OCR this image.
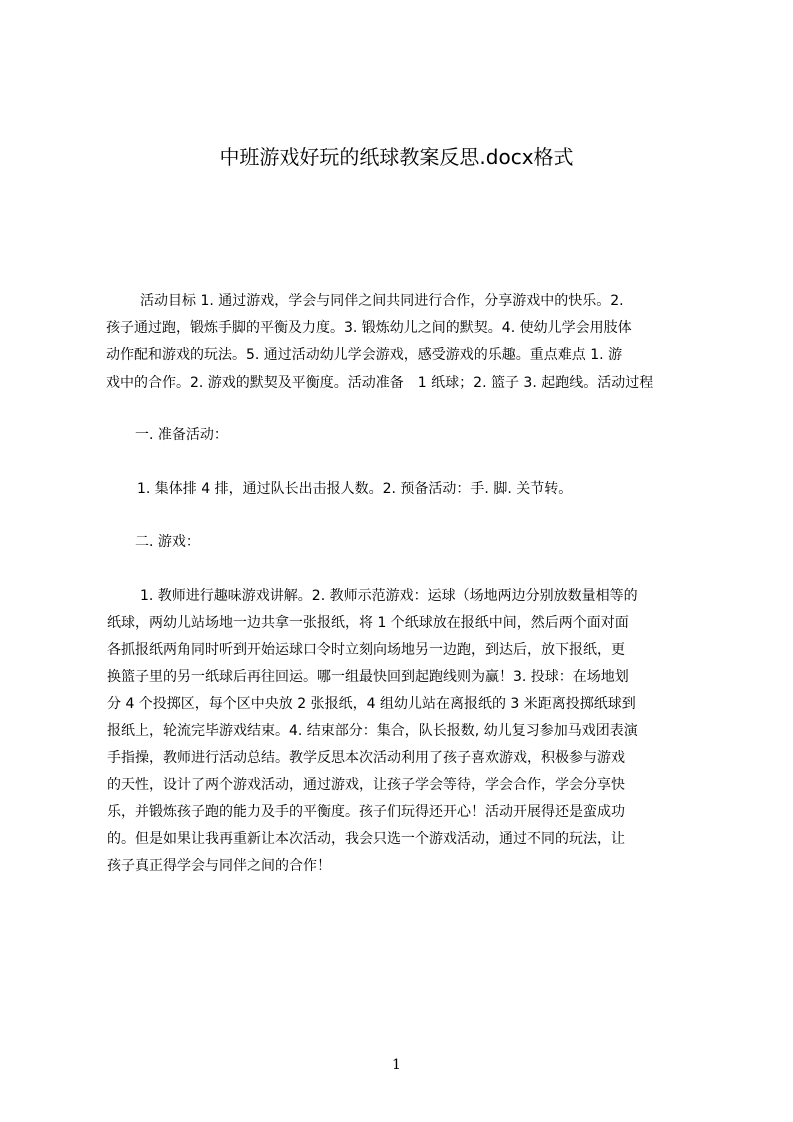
中班游戏好玩的纸球教案反思.docx格式
活动目标 1. 通过游戏，学会与同伴之间共同进行合作，分享游戏中的快乐。2.
孩子通过跑，锻炼手脚的平衡及力度。3. 锻炼幼儿之间的默契。4. 使幼儿学会用肢体
动作配和游戏的玩法。5. 通过活动幼儿学会游戏，感受游戏的乐趣。重点难点 1. 游
戏中的合作。2. 游戏的默契及平衡度。活动准备　1 纸球；2. 篮子 3. 起跑线。活动过程
一. 准备活动：
1. 集体排 4 排，通过队长出击报人数。2. 预备活动：手. 脚. 关节转。
二. 游戏：
1. 教师进行趣味游戏讲解。2. 教师示范游戏：运球（场地两边分别放数量相等的
纸球，两幼儿站场地一边共拿一张报纸，将 1 个纸球放在报纸中间，然后两个面对面
各抓报纸两角同时听到开始运球口令时立刻向场地另一边跑，到达后，放下报纸，更
换篮子里的另一纸球后再往回运。哪一组最快回到起跑线则为赢！3. 投球：在场地划
分 4 个投掷区，每个区中央放 2 张报纸，4 组幼儿站在离报纸的 3 米距离投掷纸球到
报纸上，轮流完毕游戏结束。4. 结束部分：集合，队长报数, 幼儿复习参加马戏团表演
手指操，教师进行活动总结。教学反思本次活动利用了孩子喜欢游戏，积极参与游戏
的天性，设计了两个游戏活动，通过游戏，让孩子学会等待，学会合作，学会分享快
乐，并锻炼孩子跑的能力及手的平衡度。孩子们玩得还开心！活动开展得还是蛮成功
的。但是如果让我再重新让本次活动，我会只选一个游戏活动，通过不同的玩法，让
孩子真正得学会与同伴之间的合作！
1
